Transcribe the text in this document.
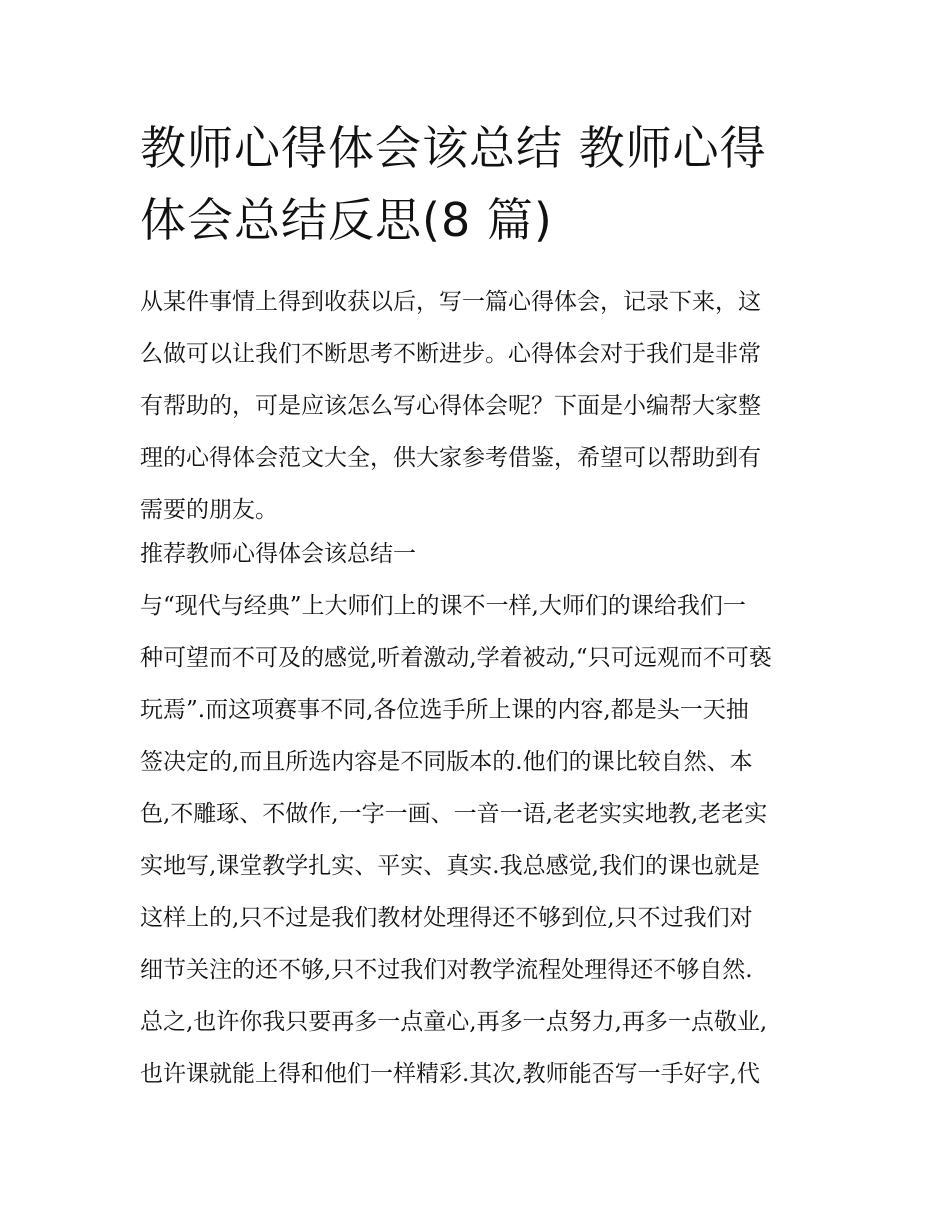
教师心得体会该总结 教师心得
体会总结反思(8 篇)
从某件事情上得到收获以后，写一篇心得体会，记录下来，这
么做可以让我们不断思考不断进步。心得体会对于我们是非常
有帮助的，可是应该怎么写心得体会呢？下面是小编帮大家整
理的心得体会范文大全，供大家参考借鉴，希望可以帮助到有
需要的朋友。
推荐教师心得体会该总结一
与“现代与经典”上大师们上的课不一样,大师们的课给我们一
种可望而不可及的感觉,听着激动,学着被动,“只可远观而不可亵
玩焉”.而这项赛事不同,各位选手所上课的内容,都是头一天抽
签决定的,而且所选内容是不同版本的.他们的课比较自然、本
色,不雕琢、不做作,一字一画、一音一语,老老实实地教,老老实
实地写,课堂教学扎实、平实、真实.我总感觉,我们的课也就是
这样上的,只不过是我们教材处理得还不够到位,只不过我们对
细节关注的还不够,只不过我们对教学流程处理得还不够自然.
总之,也许你我只要再多一点童心,再多一点努力,再多一点敬业,
也许课就能上得和他们一样精彩.其次,教师能否写一手好字,代
